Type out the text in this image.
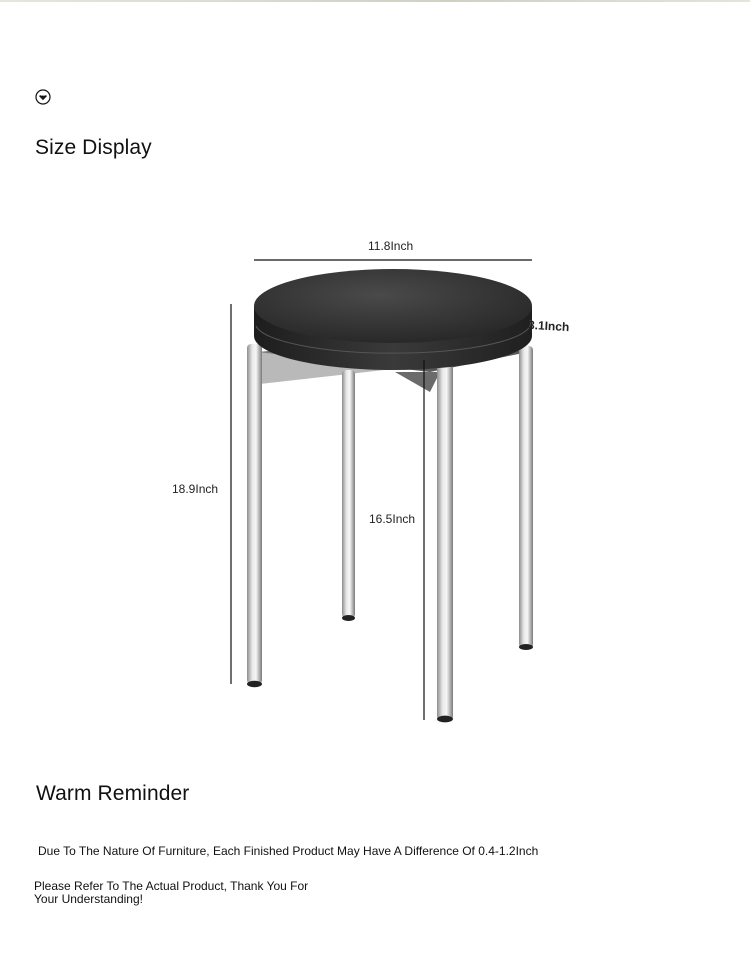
Size Display
11.8Inch
3.1Inch
18.9Inch
16.5Inch
Warm Reminder
Due To The Nature Of Furniture, Each Finished Product May Have A Difference Of 0.4-1.2Inch
Please Refer To The Actual Product, Thank You For Your Understanding!
